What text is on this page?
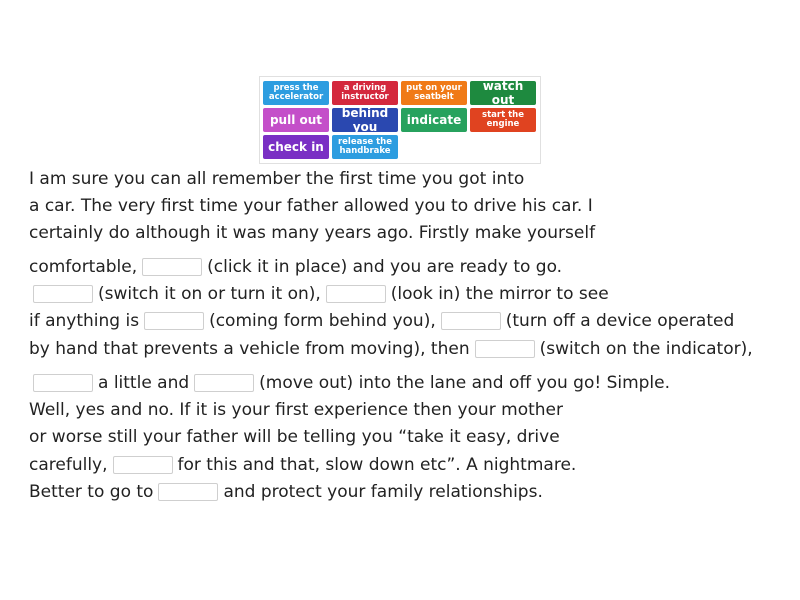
press the accelerator
a driving instructor
put on your seatbelt
watch out
pull out	behind you	indicate	start the engine
check in	release the handbrake
I am sure you can all remember the first time you got into
a car. The very first time your father allowed you to drive his car. I
certainly do although it was many years ago. Firstly make yourself
comfortable,	(click it in place) and you are ready to go.
(switch it on or turn it on),	(look in) the mirror to see
if anything is	(coming form behind you),	(turn off a device operated
by hand that prevents a vehicle from moving), then	(switch on the indicator),
a little and	(move out) into the lane and off you go! Simple.
Well, yes and no. If it is your first experience then your mother
or worse still your father will be telling you “take it easy, drive
carefully,	for this and that, slow down etc”. A nightmare.
Better to go to	and protect your family relationships.
